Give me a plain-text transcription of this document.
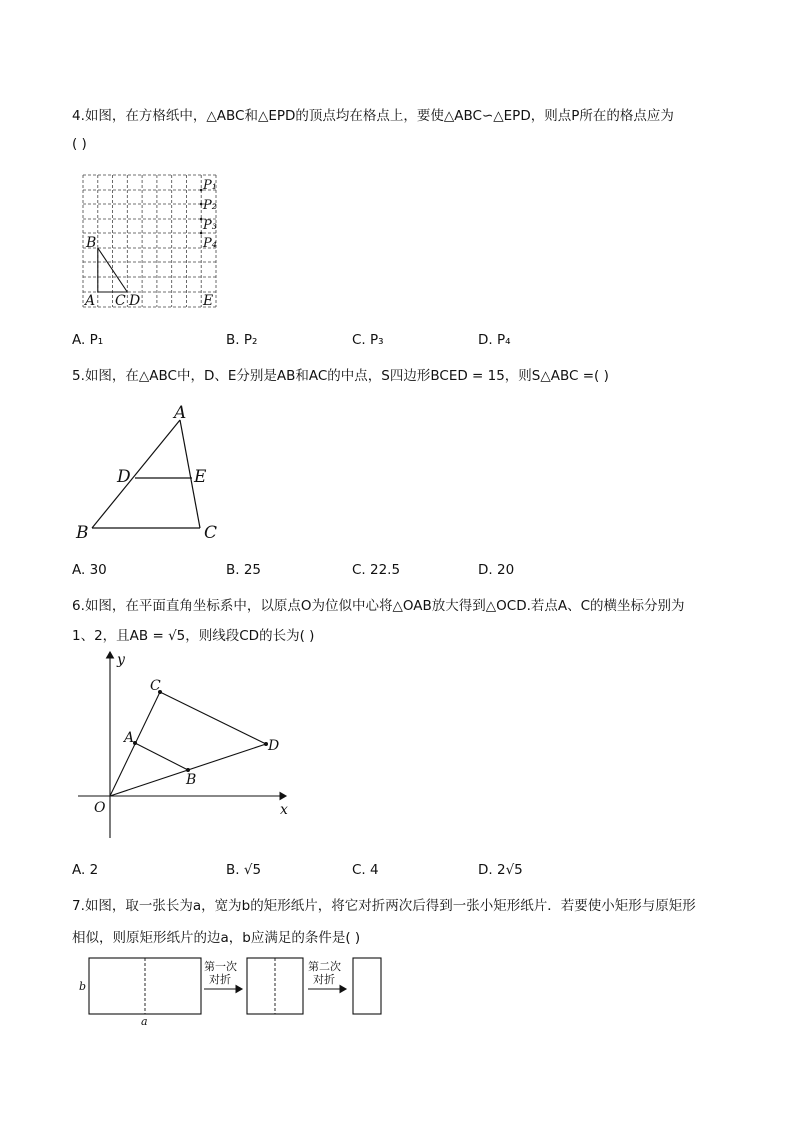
4.如图，在方格纸中，△ABC和△EPD的顶点均在格点上，要使△ABC∽△EPD，则点P所在的格点应为
( )
B
A C D	E
P₁
P₂
P₃
P₄
A. P₁	B. P₂	C. P₃	D. P₄
5.如图，在△ABC中，D、E分别是AB和AC的中点，S四边形BCED = 15，则S△ABC =( )
A
B	C
D	E
A. 30	B. 25	C. 22.5	D. 20
6.如图，在平面直角坐标系中，以原点O为位似中心将△OAB放大得到△OCD.若点A、C的横坐标分别为
1、2，且AB = √5，则线段CD的长为( )
y
x
O
C
D
A
B
A. 2	B. √5	C. 4	D. 2√5
7.如图，取一张长为a，宽为b的矩形纸片，将它对折两次后得到一张小矩形纸片．若要使小矩形与原矩形
相似，则原矩形纸片的边a，b应满足的条件是( )
b
a
第一次
对折
第二次
对折
